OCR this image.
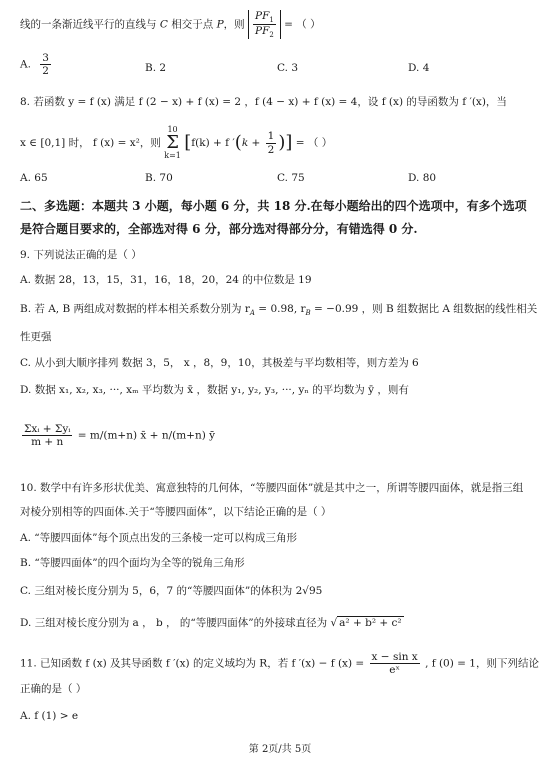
线的一条渐近线平行的直线与 C 相交于点 P，则 $\frac{PF_1}{PF_2}$ = （ ）
A. $\frac{3}{2}$	B. 2	C. 3	D. 4
8. 若函数 y = f (x) 满足 f (2 − x) + f (x) = 2 ，f (4 − x) + f (x) = 4，设 f (x) 的导函数为 f ′(x)，当
x ∈ [0,1] 时， f (x) = x²，则 10
Σ
k=1 [f(k) + f $'(k + \frac{1}{2}$ )] = （ ）
A. 65	B. 70	C. 75	D. 80
二、多选题：本题共 3 小题，每小题 6 分，共 18 分.在每小题给出的四个选项中，有多个选项
是符合题目要求的，全部选对得 6 分，部分选对得部分分，有错选得 0 分.
9. 下列说法正确的是（ ）
A. 数据 28，13，15，31，16，18，20，24 的中位数是 19
B. 若 A, B 两组成对数据的样本相关系数分别为 $r_A = 0.98$, $r_B = -0.99$ ，则 B 组数据比 A 组数据的线性相关
性更强
C. 从小到大顺序排列 数据 3，5， x ，8，9，10，其极差与平均数相等，则方差为 6
D. 数据 x₁, x₂, x₃, ···, xₘ 平均数为 x̄ ，数据 y₁, y₂, y₃, ···, yₙ 的平均数为 ȳ ，则有
$\frac{\text{Σxᵢ + Σyᵢ}}{m + n} = m/(m+n)$ x̄ + n/(m+n) ȳ
10. 数学中有许多形状优美、寓意独特的几何体，“等腰四面体”就是其中之一，所谓等腰四面体，就是指三组
对棱分别相等的四面体.关于“等腰四面体”，以下结论正确的是（ ）
A. “等腰四面体”每个顶点出发的三条棱一定可以构成三角形
B. “等腰四面体”的四个面均为全等的锐角三角形
C. 三组对棱长度分别为 5，6，7 的“等腰四面体”的体积为 2√95
D. 三组对棱长度分别为 a ， b ， 的“等腰四面体”的外接球直径为 √ a² + b² + c²
11. 已知函数 f (x) 及其导函数 f ′(x) 的定义域均为 R，若 f ′(x) − f $(x) = \frac{\text{x − sin x}}{\text{eˣ}}$ , f (0) = 1，则下列结论
正确的是（ ）
A. f (1) > e
第 2页/共 5页
